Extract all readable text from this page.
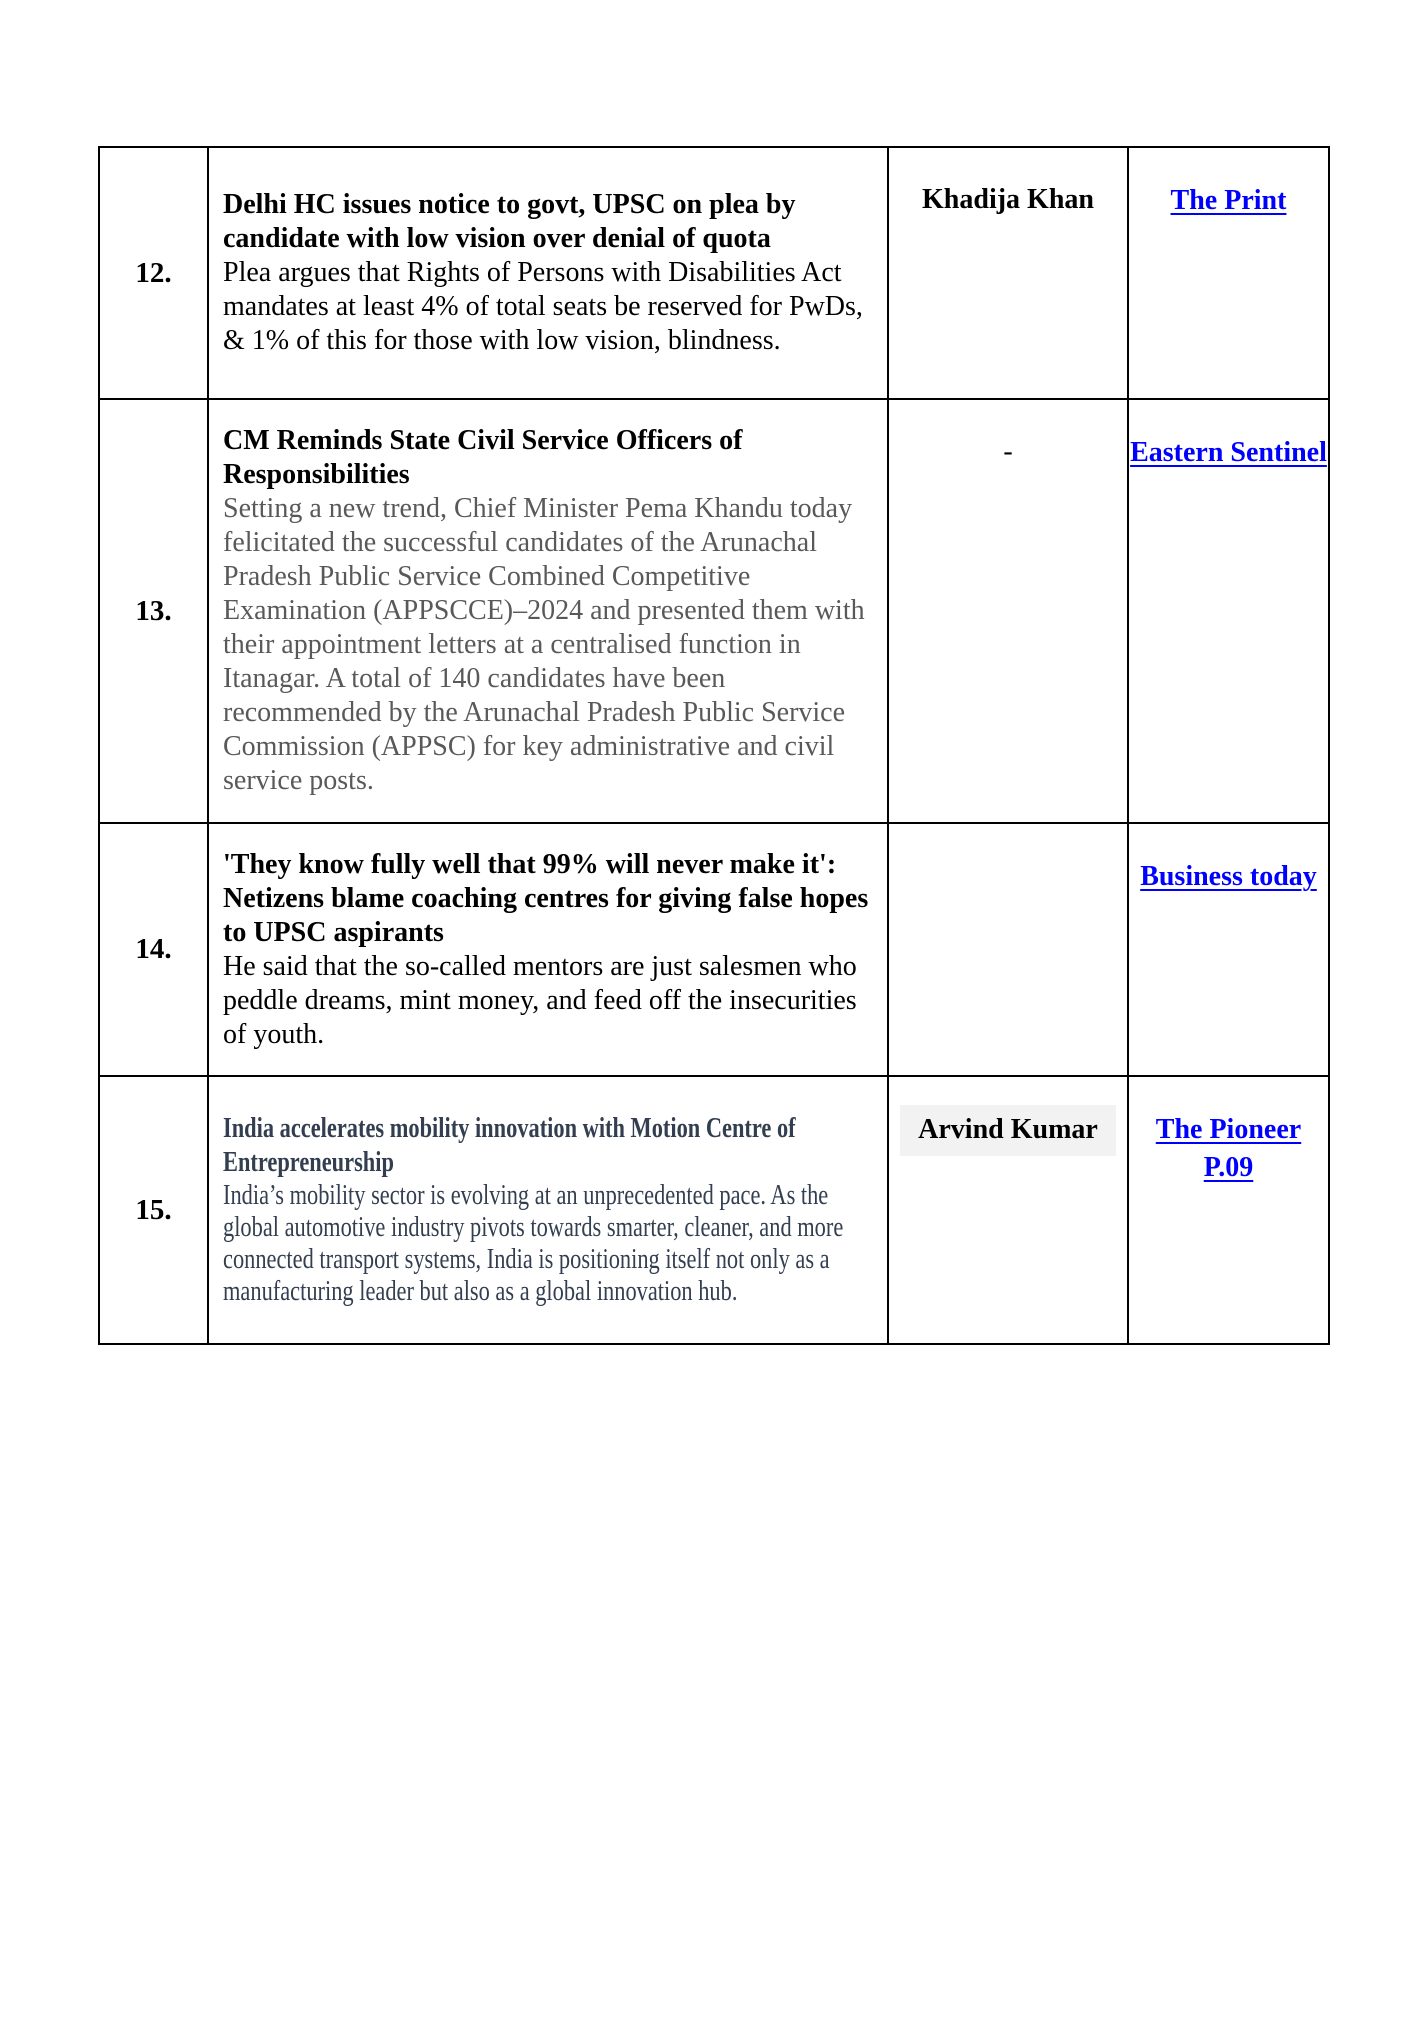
12.	Delhi HC issues notice to govt, UPSC on plea by candidate with low vision over denial of quota

Plea argues that Rights of Persons with Disabilities Act mandates at least 4% of total seats be reserved for PwDs, & 1% of this for those with low vision, blindness.	Khadija Khan	The Print
13.	CM Reminds State Civil Service Officers of Responsibilities

Setting a new trend, Chief Minister Pema Khandu today felicitated the successful candidates of the Arunachal Pradesh Public Service Combined Competitive Examination (APPSCCE)–2024 and presented them with their appointment letters at a centralised function in Itanagar. A total of 140 candidates have been recommended by the Arunachal Pradesh Public Service Commission (APPSC) for key administrative and civil service posts.	-	Eastern Sentinel
14.	'They know fully well that 99% will never make it': Netizens blame coaching centres for giving false hopes to UPSC aspirants

He said that the so-called mentors are just salesmen who peddle dreams, mint money, and feed off the insecurities of youth.		Business today
15.	India accelerates mobility innovation with Motion Centre of Entrepreneurship

India’s mobility sector is evolving at an unprecedented pace. As the global automotive industry pivots towards smarter, cleaner, and more connected transport systems, India is positioning itself not only as a manufacturing leader but also as a global innovation hub.	Arvind Kumar	The Pioneer P.09
